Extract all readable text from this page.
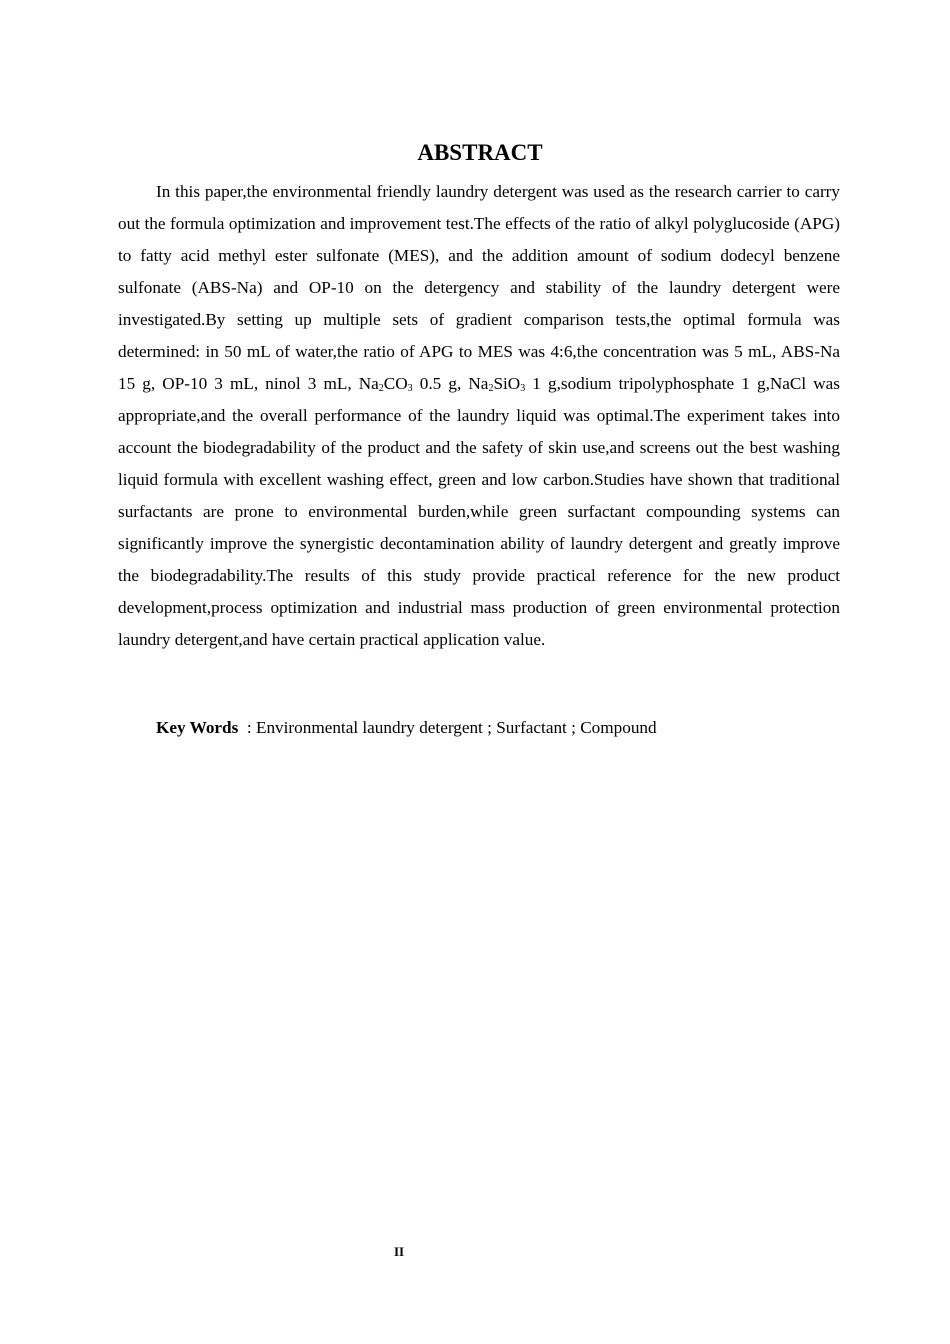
ABSTRACT

In this paper,the environmental friendly laundry detergent was used as the research carrier to carry out the formula optimization and improvement test.The effects of the ratio of alkyl polyglucoside (APG) to fatty acid methyl ester sulfonate (MES), and the addition amount of sodium dodecyl benzene sulfonate (ABS-Na) and OP-10 on the detergency and stability of the laundry detergent were investigated.By setting up multiple sets of gradient comparison tests,the optimal formula was determined: in 50 mL of water,the ratio of APG to MES was 4:6,the concentration was 5 mL, ABS-Na 15 g, OP-10 3 mL, ninol 3 mL, $Na_2CO_3$ 0.5 g, $Na_2SiO_3$ 1 g,sodium tripolyphosphate 1 g,NaCl was appropriate,and the overall performance of the laundry liquid was optimal.The experiment takes into account the biodegradability of the product and the safety of skin use,and screens out the best washing liquid formula with excellent washing effect, green and low carbon.Studies have shown that traditional surfactants are prone to environmental burden,while green surfactant compounding systems can significantly improve the synergistic decontamination ability of laundry detergent and greatly improve the biodegradability.The results of this study provide practical reference for the new product development,process optimization and industrial mass production of green environmental protection laundry detergent,and have certain practical application value.

Key Words  : Environmental laundry detergent ; Surfactant ; Compound
II
